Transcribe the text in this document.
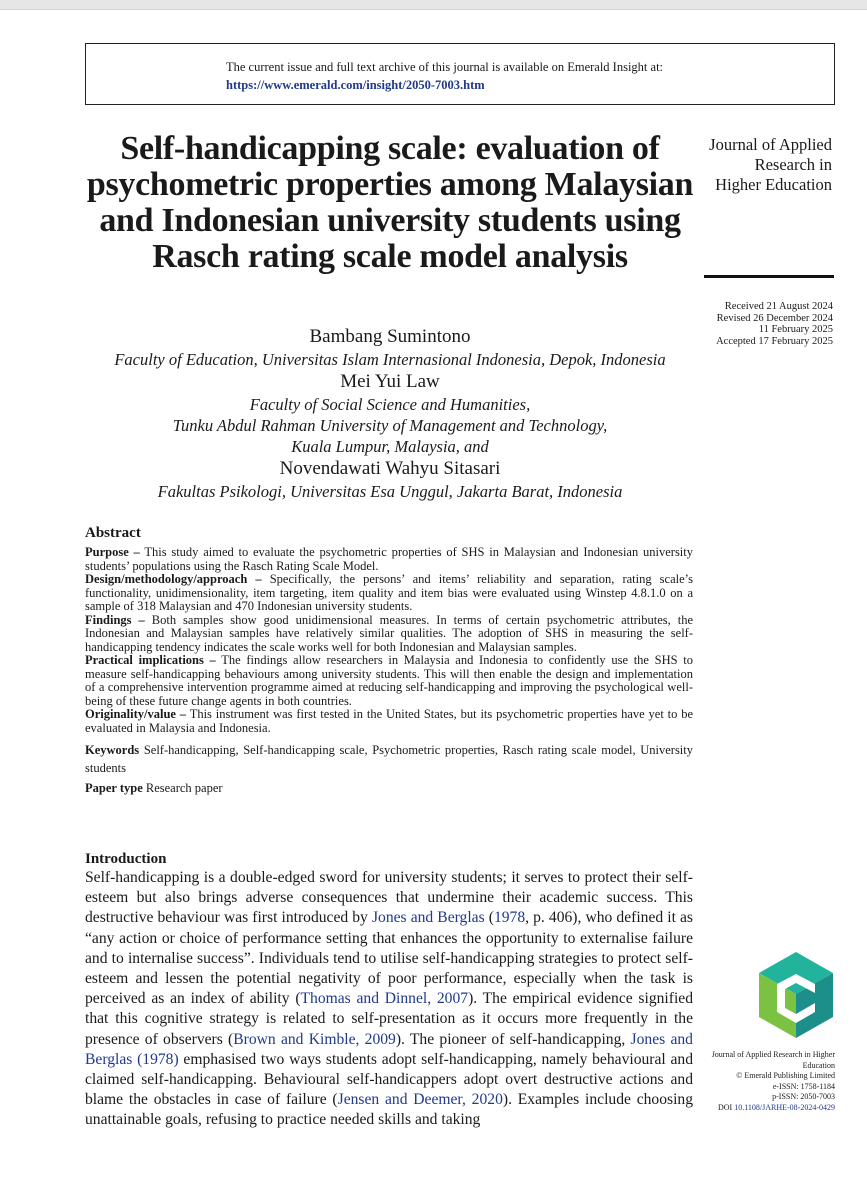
The current issue and full text archive of this journal is available on Emerald Insight at:
https://www.emerald.com/insight/2050-7003.htm
Self-handicapping scale: evaluation of psychometric properties among Malaysian and Indonesian university students using Rasch rating scale model analysis
Journal of Applied
Research in
Higher Education
Received 21 August 2024
Revised 26 December 2024
11 February 2025
Accepted 17 February 2025
Bambang Sumintono
Faculty of Education, Universitas Islam Internasional Indonesia, Depok, Indonesia
Mei Yui Law
Faculty of Social Science and Humanities,
Tunku Abdul Rahman University of Management and Technology,
Kuala Lumpur, Malaysia, and
Novendawati Wahyu Sitasari
Fakultas Psikologi, Universitas Esa Unggul, Jakarta Barat, Indonesia
Abstract

Purpose – This study aimed to evaluate the psychometric properties of SHS in Malaysian and Indonesian university students’ populations using the Rasch Rating Scale Model.

Design/methodology/approach – Specifically, the persons’ and items’ reliability and separation, rating scale’s functionality, unidimensionality, item targeting, item quality and item bias were evaluated using Winstep 4.8.1.0 on a sample of 318 Malaysian and 470 Indonesian university students.

Findings – Both samples show good unidimensional measures. In terms of certain psychometric attributes, the Indonesian and Malaysian samples have relatively similar qualities. The adoption of SHS in measuring the self-handicapping tendency indicates the scale works well for both Indonesian and Malaysian samples.

Practical implications – The findings allow researchers in Malaysia and Indonesia to confidently use the SHS to measure self-handicapping behaviours among university students. This will then enable the design and implementation of a comprehensive intervention programme aimed at reducing self-handicapping and improving the psychological well-being of these future change agents in both countries.

Originality/value – This instrument was first tested in the United States, but its psychometric properties have yet to be evaluated in Malaysia and Indonesia.

Keywords Self-handicapping, Self-handicapping scale, Psychometric properties, Rasch rating scale model, University students

Paper type Research paper

Introduction

Self-handicapping is a double-edged sword for university students; it serves to protect their self-esteem but also brings adverse consequences that undermine their academic success. This destructive behaviour was first introduced by Jones and Berglas (1978, p. 406), who defined it as “any action or choice of performance setting that enhances the opportunity to externalise failure and to internalise success”. Individuals tend to utilise self-handicapping strategies to protect self-esteem and lessen the potential negativity of poor performance, especially when the task is perceived as an index of ability (Thomas and Dinnel, 2007). The empirical evidence signified that this cognitive strategy is related to self-presentation as it occurs more frequently in the presence of observers (Brown and Kimble, 2009). The pioneer of self-handicapping, Jones and Berglas (1978) emphasised two ways students adopt self-handicapping, namely behavioural and claimed self-handicapping. Behavioural self-handicappers adopt overt destructive actions and blame the obstacles in case of failure (Jensen and Deemer, 2020). Examples include choosing unattainable goals, refusing to practice needed skills and taking

Journal of Applied Research in Higher
Education
© Emerald Publishing Limited
e-ISSN: 1758-1184
p-ISSN: 2050-7003
DOI 10.1108/JARHE-08-2024-0429
